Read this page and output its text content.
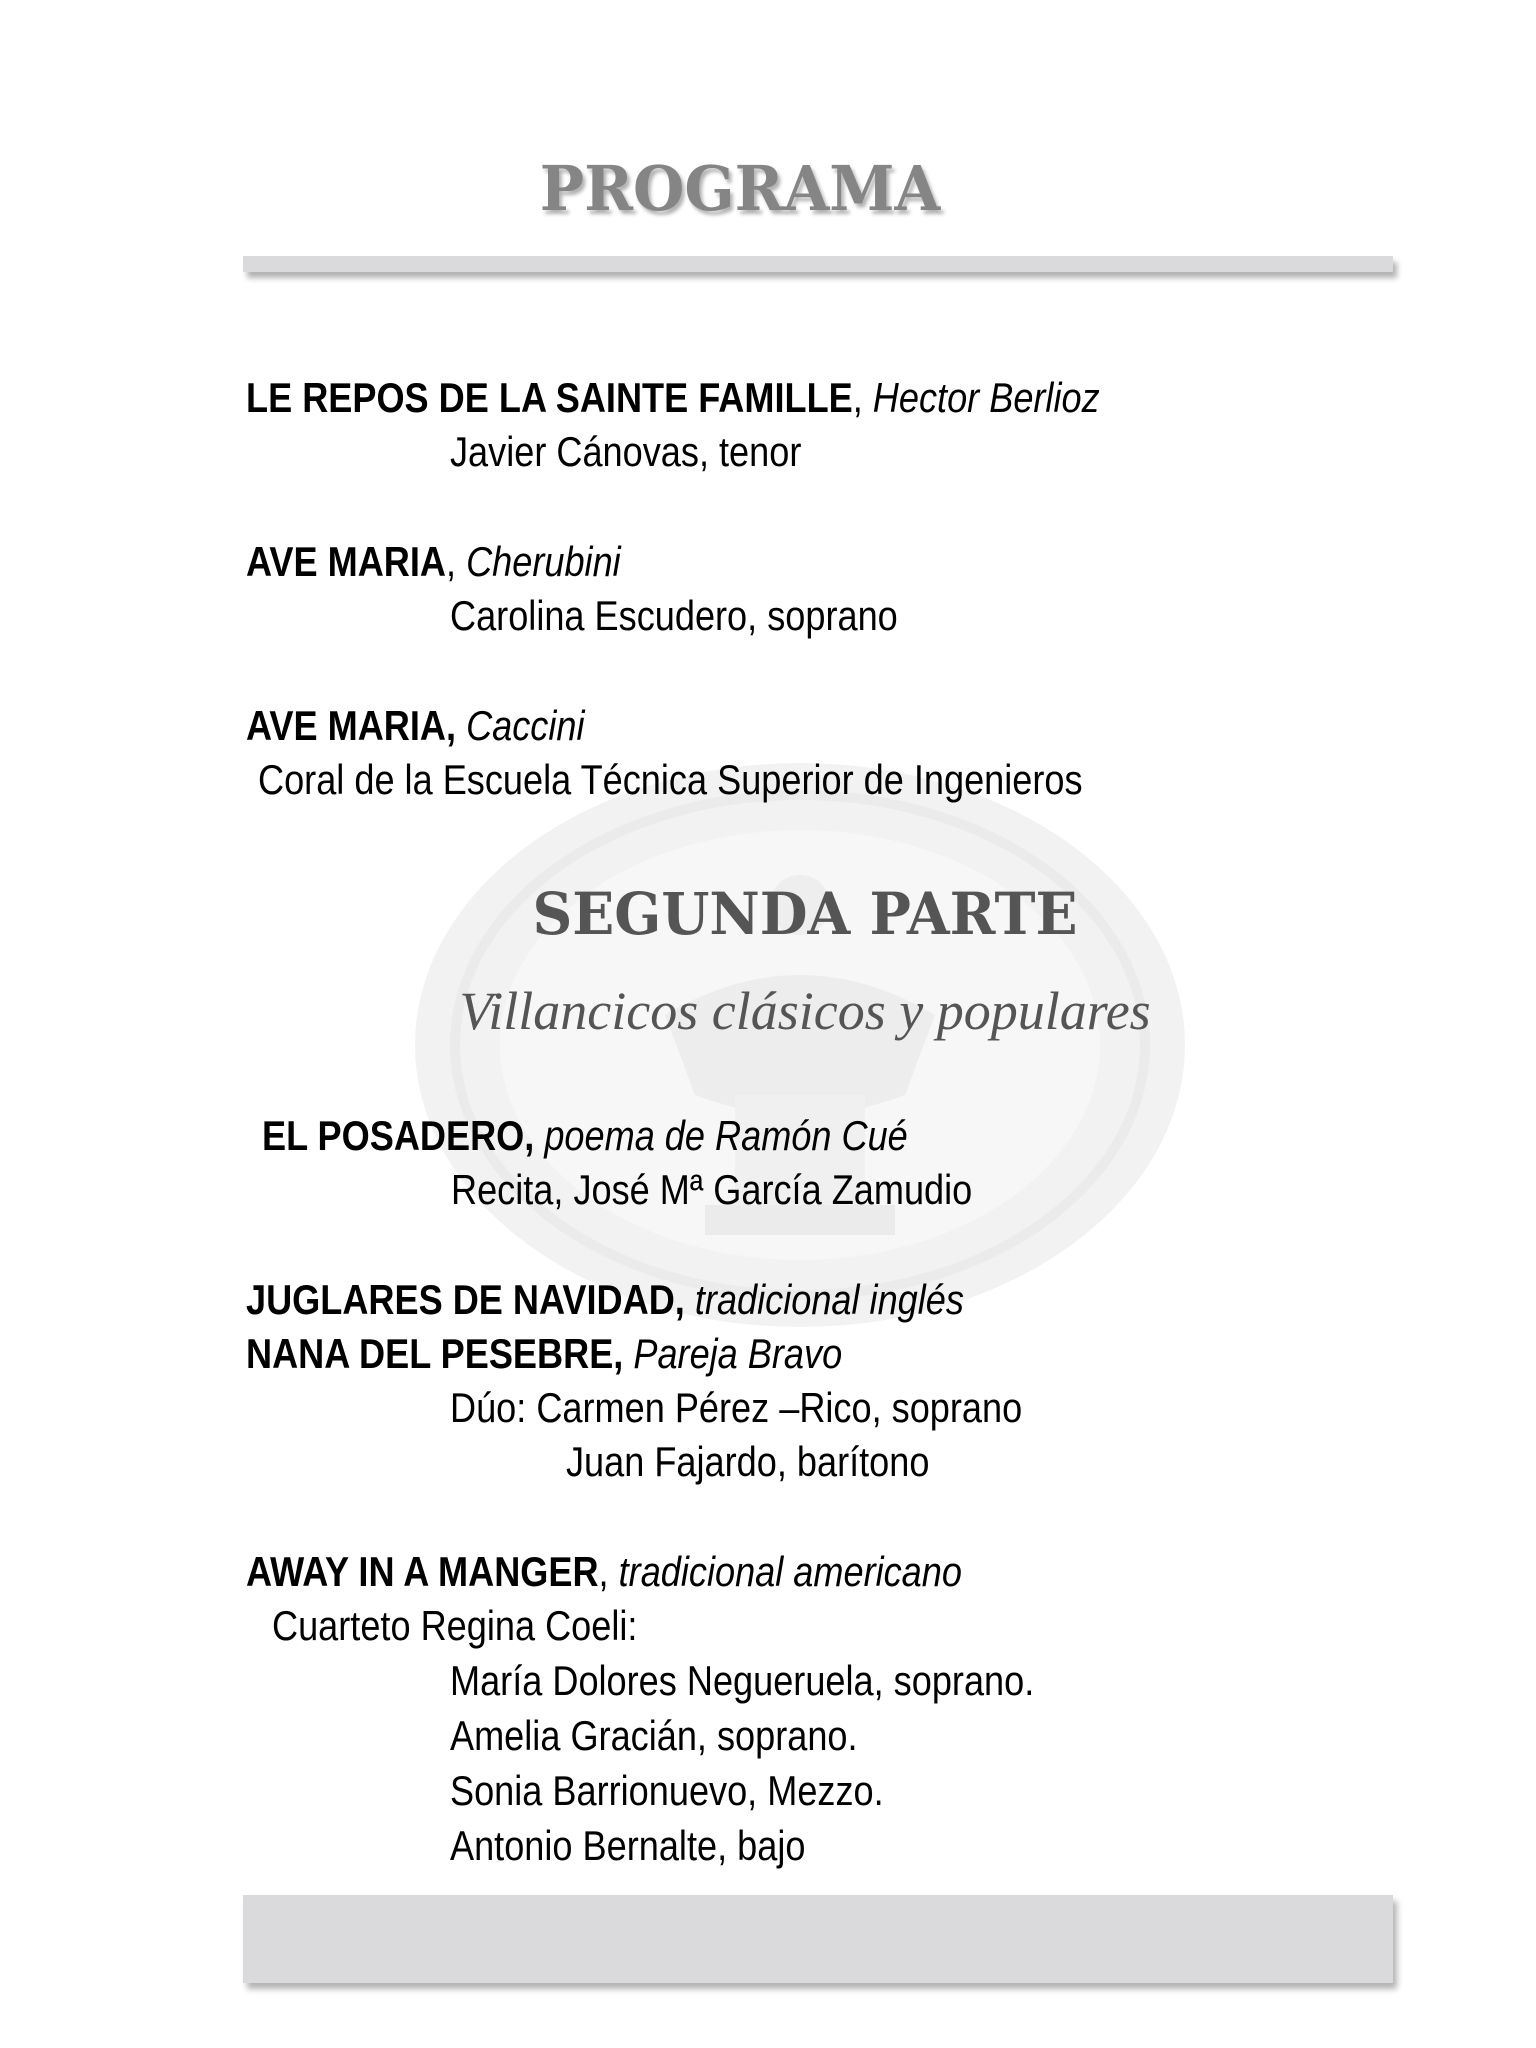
PROGRAMA
LE REPOS DE LA SAINTE FAMILLE, Hector Berlioz
Javier Cánovas, tenor
AVE MARIA, Cherubini
Carolina Escudero, soprano
AVE MARIA, Caccini
Coral de la Escuela Técnica Superior de Ingenieros
SEGUNDA PARTE
Villancicos clásicos y populares
EL POSADERO, poema de Ramón Cué
Recita, José Mª García Zamudio
JUGLARES DE NAVIDAD, tradicional inglés
NANA DEL PESEBRE, Pareja Bravo
Dúo: Carmen Pérez –Rico, soprano
Juan Fajardo, barítono
AWAY IN A MANGER, tradicional americano
Cuarteto Regina Coeli:
María Dolores Negueruela, soprano.
Amelia Gracián, soprano.
Sonia Barrionuevo, Mezzo.
Antonio Bernalte, bajo
